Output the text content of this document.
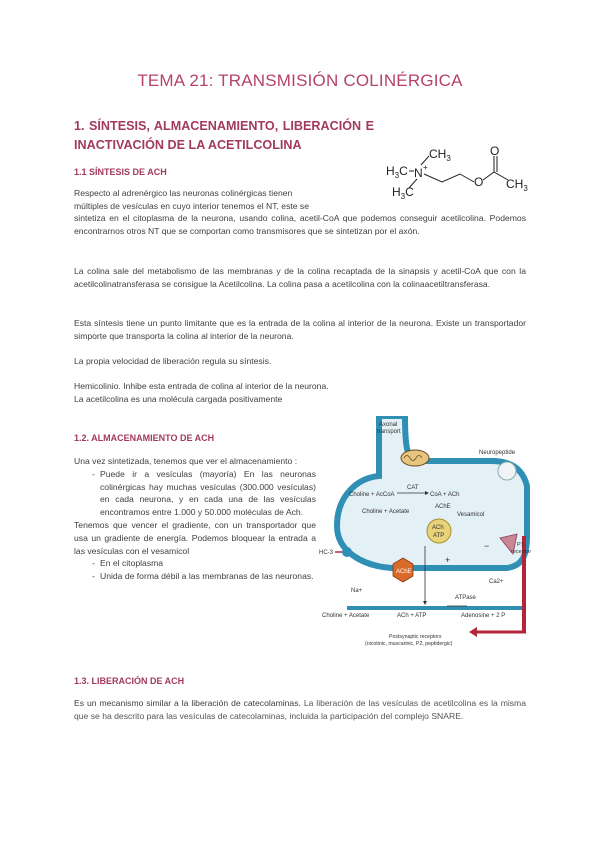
TEMA 21: TRANSMISIÓN COLINÉRGICA
1. SÍNTESIS, ALMACENAMIENTO, LIBERACIÓN E INACTIVACIÓN DE LA ACETILCOLINA
N +
$H_3C$
$CH_3$
$H_3C$
O
O
$CH_3$
1.1 SÍNTESIS DE ACH
Respecto al adrenérgico las neuronas colinérgicas tienen
múltiples de vesículas en cuyo interior tenemos el NT, este se
sintetiza en el citoplasma de la neurona, usando colina, acetil-CoA que podemos conseguir acetilcolina. Podemos encontrarnos otros NT que se comportan como transmisores que se sintetizan por el axón.
La colina sale del metabolismo de las membranas y de la colina recaptada de la sinapsis y acetil-CoA que con la acetilcolinatransferasa se consigue la Acetilcolina. La colina pasa a acetilcolina con la colinaacetiltransferasa.
Esta síntesis tiene un punto limitante que es la entrada de la colina al interior de la neurona. Existe un transportador simporte que transporta la colina al interior de la neurona.
La propia velocidad de liberación regula su síntesis.
Hemicolinio. Inhibe esta entrada de colina al interior de la neurona.
La acetilcolina es una molécula cargada positivamente
1.2. ALMACENAMIENTO DE ACH
Una vez sintetizada, tenemos que ver el almacenamiento :
- Puede ir a vesículas (mayoría) En las neuronas colinérgicas hay muchas vesículas (300.000 vesículas) en cada neurona, y en cada una de las vesículas encontramos entre 1.000 y 50.000 moléculas de Ach.
Tenemos que vencer el gradiente, con un transportador que usa un gradiente de energía. Podemos bloquear la entrada a las vesículas con el vesamicol
- En el citoplasma
- Unida de forma débil a las membranas de las neuronas.
Axonal transport
Neuropeptide
Choline + AcCoA
CAT
CoA + ACh
Choline + Acetate
AChE
Vesamicol
ACh
ATP
HC-3
AChE
Na+
Ca2+
+
−	P1-receptor
ATPase
Choline + Acetate	ACh + ATP	Adenosine + 2 P
Postsynaptic receptors
(nicotinic, muscarinic, P2, peptidergic)
1.3. LIBERACIÓN DE ACH
Es un mecanismo similar a la liberación de catecolaminas. La liberación de las vesículas de acetilcolina es la misma que se ha descrito para las vesículas de catecolaminas, incluida la participación del complejo SNARE.
